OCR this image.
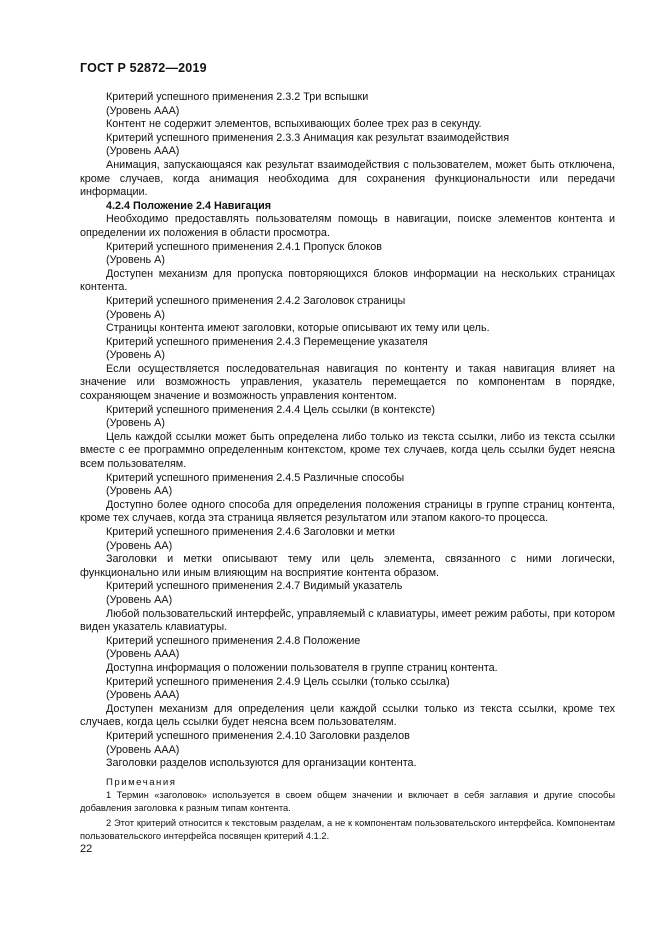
ГОСТ Р 52872—2019

Критерий успешного применения 2.3.2 Три вспышки

(Уровень ААА)

Контент не содержит элементов, вспыхивающих более трех раз в секунду.

Критерий успешного применения 2.3.3 Анимация как результат взаимодействия

(Уровень ААА)

Анимация, запускающаяся как результат взаимодействия с пользователем, может быть отключена, кроме случаев, когда анимация необходима для сохранения функциональности или передачи информации.

4.2.4 Положение 2.4 Навигация

Необходимо предоставлять пользователям помощь в навигации, поиске элементов контента и определении их положения в области просмотра.

Критерий успешного применения 2.4.1 Пропуск блоков

(Уровень А)

Доступен механизм для пропуска повторяющихся блоков информации на нескольких страницах контента.

Критерий успешного применения 2.4.2 Заголовок страницы

(Уровень А)

Страницы контента имеют заголовки, которые описывают их тему или цель.

Критерий успешного применения 2.4.3 Перемещение указателя

(Уровень А)

Если осуществляется последовательная навигация по контенту и такая навигация влияет на значение или возможность управления, указатель перемещается по компонентам в порядке, сохраняющем значение и возможность управления контентом.

Критерий успешного применения 2.4.4 Цель ссылки (в контексте)

(Уровень А)

Цель каждой ссылки может быть определена либо только из текста ссылки, либо из текста ссылки вместе с ее программно определенным контекстом, кроме тех случаев, когда цель ссылки будет неясна всем пользователям.

Критерий успешного применения 2.4.5 Различные способы

(Уровень АА)

Доступно более одного способа для определения положения страницы в группе страниц контента, кроме тех случаев, когда эта страница является результатом или этапом какого-то процесса.

Критерий успешного применения 2.4.6 Заголовки и метки

(Уровень АА)

Заголовки и метки описывают тему или цель элемента, связанного с ними логически, функционально или иным влияющим на восприятие контента образом.

Критерий успешного применения 2.4.7 Видимый указатель

(Уровень АА)

Любой пользовательский интерфейс, управляемый с клавиатуры, имеет режим работы, при котором виден указатель клавиатуры.

Критерий успешного применения 2.4.8 Положение

(Уровень ААА)

Доступна информация о положении пользователя в группе страниц контента.

Критерий успешного применения 2.4.9 Цель ссылки (только ссылка)

(Уровень ААА)

Доступен механизм для определения цели каждой ссылки только из текста ссылки, кроме тех случаев, когда цель ссылки будет неясна всем пользователям.

Критерий успешного применения 2.4.10 Заголовки разделов

(Уровень ААА)

Заголовки разделов используются для организации контента.

Примечания

1 Термин «заголовок» используется в своем общем значении и включает в себя заглавия и другие способы добавления заголовка к разным типам контента.

2 Этот критерий относится к текстовым разделам, а не к компонентам пользовательского интерфейса. Компонентам пользовательского интерфейса посвящен критерий 4.1.2.

22
